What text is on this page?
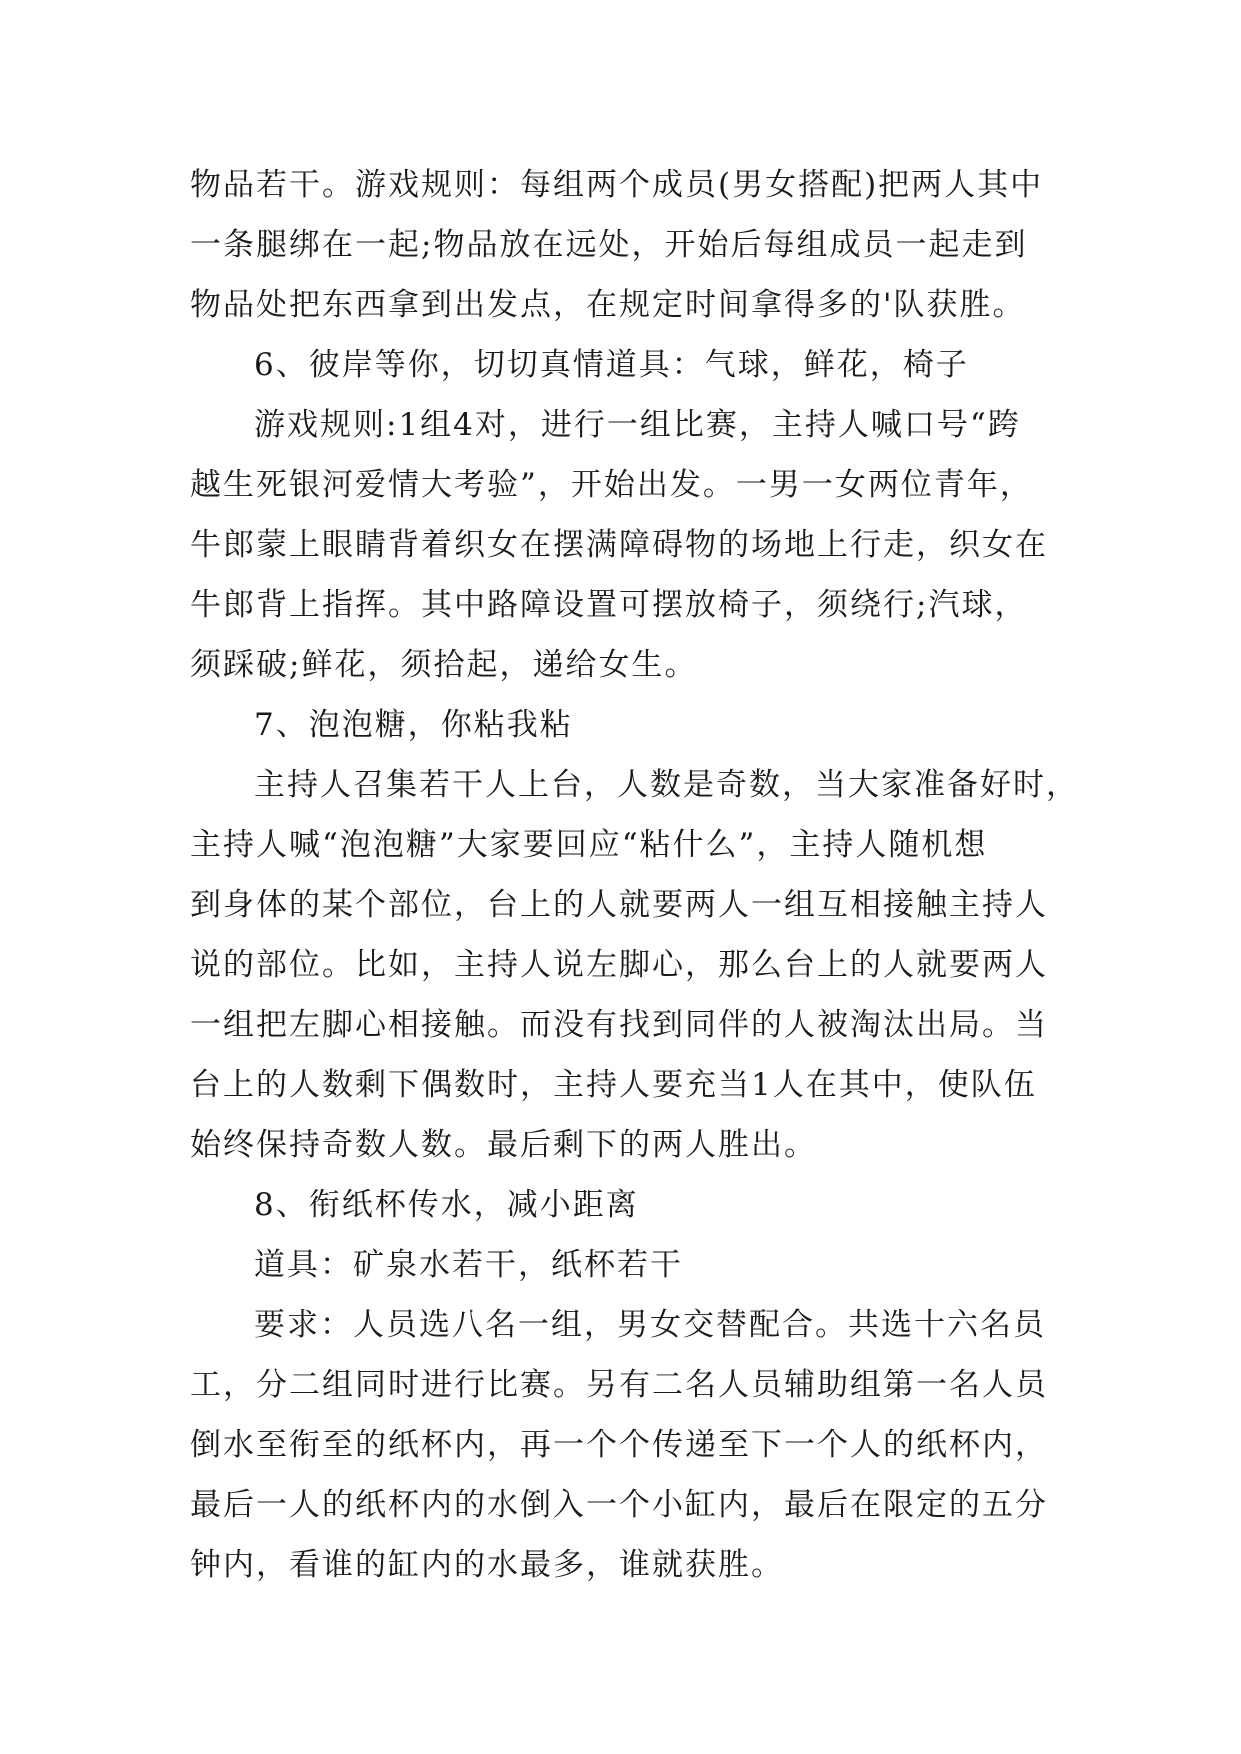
物品若干。游戏规则：每组两个成员(男女搭配)把两人其中
一条腿绑在一起;物品放在远处，开始后每组成员一起走到
物品处把东西拿到出发点，在规定时间拿得多的'队获胜。
6、彼岸等你，切切真情道具：气球，鲜花，椅子
游戏规则:1组4对，进行一组比赛，主持人喊口号“跨
越生死银河爱情大考验”，开始出发。一男一女两位青年，
牛郎蒙上眼睛背着织女在摆满障碍物的场地上行走，织女在
牛郎背上指挥。其中路障设置可摆放椅子，须绕行;汽球，
须踩破;鲜花，须拾起，递给女生。
7、泡泡糖，你粘我粘
主持人召集若干人上台，人数是奇数，当大家准备好时，
主持人喊“泡泡糖”大家要回应“粘什么”，主持人随机想
到身体的某个部位，台上的人就要两人一组互相接触主持人
说的部位。比如，主持人说左脚心，那么台上的人就要两人
一组把左脚心相接触。而没有找到同伴的人被淘汰出局。当
台上的人数剩下偶数时，主持人要充当1人在其中，使队伍
始终保持奇数人数。最后剩下的两人胜出。
8、衔纸杯传水，减小距离
道具：矿泉水若干，纸杯若干
要求：人员选八名一组，男女交替配合。共选十六名员
工，分二组同时进行比赛。另有二名人员辅助组第一名人员
倒水至衔至的纸杯内，再一个个传递至下一个人的纸杯内，
最后一人的纸杯内的水倒入一个小缸内，最后在限定的五分
钟内，看谁的缸内的水最多，谁就获胜。
